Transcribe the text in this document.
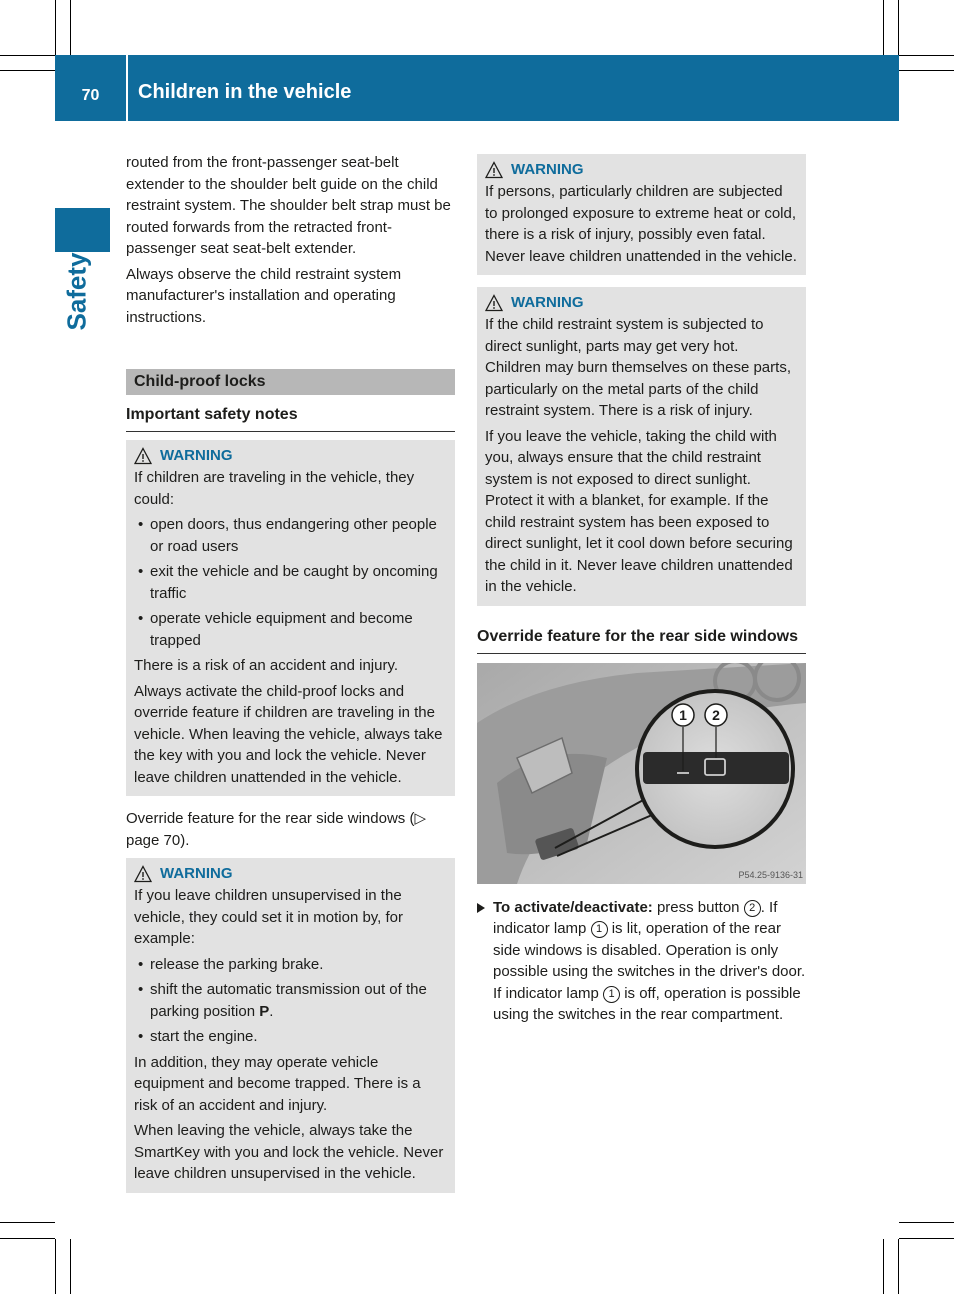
70	Children in the vehicle
Safety

routed from the front-passenger seat-belt extender to the shoulder belt guide on the child restraint system. The shoulder belt strap must be routed forwards from the retracted front-passenger seat seat-belt extender.

Always observe the child restraint system manufacturer's installation and operating instructions.

Child-proof locks
Important safety notes
WARNING

If children are traveling in the vehicle, they could:

• open doors, thus endangering other people or road users
• exit the vehicle and be caught by oncoming traffic
• operate vehicle equipment and become trapped

There is a risk of an accident and injury.

Always activate the child-proof locks and override feature if children are traveling in the vehicle. When leaving the vehicle, always take the key with you and lock the vehicle. Never leave children unattended in the vehicle.

Override feature for the rear side windows (▷ page 70).

WARNING

If you leave children unsupervised in the vehicle, they could set it in motion by, for example:

• release the parking brake.
• shift the automatic transmission out of the parking position P.
• start the engine.

In addition, they may operate vehicle equipment and become trapped. There is a risk of an accident and injury.

When leaving the vehicle, always take the SmartKey with you and lock the vehicle. Never leave children unsupervised in the vehicle.

WARNING

If persons, particularly children are subjected to prolonged exposure to extreme heat or cold, there is a risk of injury, possibly even fatal. Never leave children unattended in the vehicle.

WARNING

If the child restraint system is subjected to direct sunlight, parts may get very hot. Children may burn themselves on these parts, particularly on the metal parts of the child restraint system. There is a risk of injury.

If you leave the vehicle, taking the child with you, always ensure that the child restraint system is not exposed to direct sunlight. Protect it with a blanket, for example. If the child restraint system has been exposed to direct sunlight, let it cool down before securing the child in it. Never leave children unattended in the vehicle.

Override feature for the rear side windows
1 2
P54.25-9136-31
To activate/deactivate: press button 2 . If indicator lamp 1 is lit, operation of the rear side windows is disabled. Operation is only possible using the switches in the driver's door. If indicator lamp 1 is off, operation is possible using the switches in the rear compartment.
